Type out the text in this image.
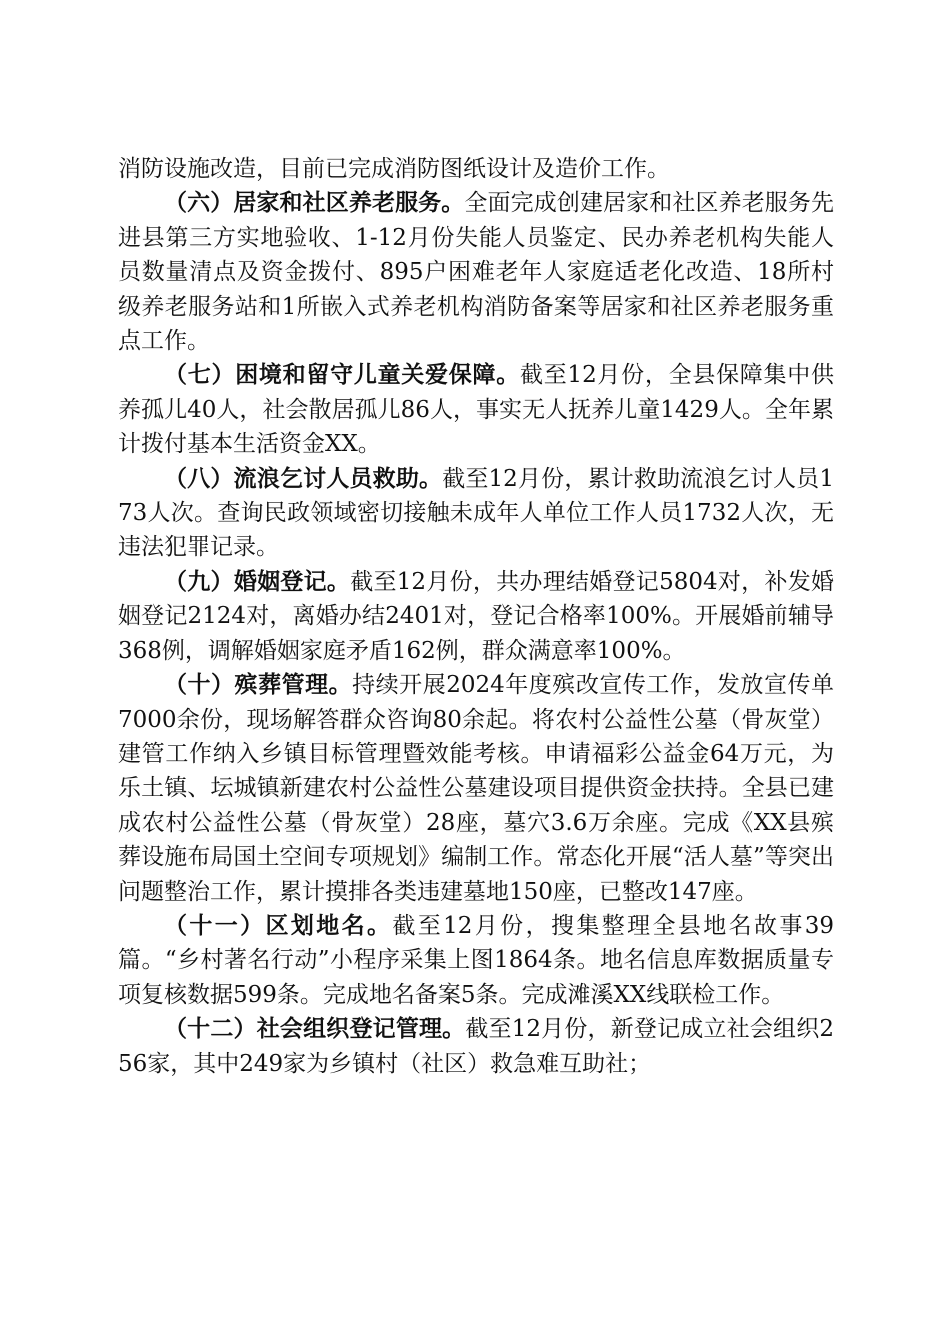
消防设施改造，目前已完成消防图纸设计及造价工作。

（六）居家和社区养老服务。全面完成创建居家和社区养老服务先进县第三方实地验收、1-12月份失能人员鉴定、民办养老机构失能人员数量清点及资金拨付、895户困难老年人家庭适老化改造、18所村级养老服务站和1所嵌入式养老机构消防备案等居家和社区养老服务重点工作。

（七）困境和留守儿童关爱保障。截至12月份，全县保障集中供养孤儿40人，社会散居孤儿86人，事实无人抚养儿童1429人。全年累计拨付基本生活资金XX。

（八）流浪乞讨人员救助。截至12月份，累计救助流浪乞讨人员173人次。查询民政领域密切接触未成年人单位工作人员1732人次，无违法犯罪记录。

（九）婚姻登记。截至12月份，共办理结婚登记5804对，补发婚姻登记2124对，离婚办结2401对，登记合格率100%。开展婚前辅导368例，调解婚姻家庭矛盾162例，群众满意率100%。

（十）殡葬管理。持续开展2024年度殡改宣传工作，发放宣传单7000余份，现场解答群众咨询80余起。将农村公益性公墓（骨灰堂）建管工作纳入乡镇目标管理暨效能考核。申请福彩公益金64万元，为乐土镇、坛城镇新建农村公益性公墓建设项目提供资金扶持。全县已建成农村公益性公墓（骨灰堂）28座，墓穴3.6万余座。完成《XX县殡葬设施布局国土空间专项规划》编制工作。常态化开展“活人墓”等突出问题整治工作，累计摸排各类违建墓地150座，已整改147座。

（十一）区划地名。截至12月份，搜集整理全县地名故事39篇。“乡村著名行动”小程序采集上图1864条。地名信息库数据质量专项复核数据599条。完成地名备案5条。完成滩溪XX线联检工作。

（十二）社会组织登记管理。截至12月份，新登记成立社会组织256家，其中249家为乡镇村（社区）救急难互助社；
